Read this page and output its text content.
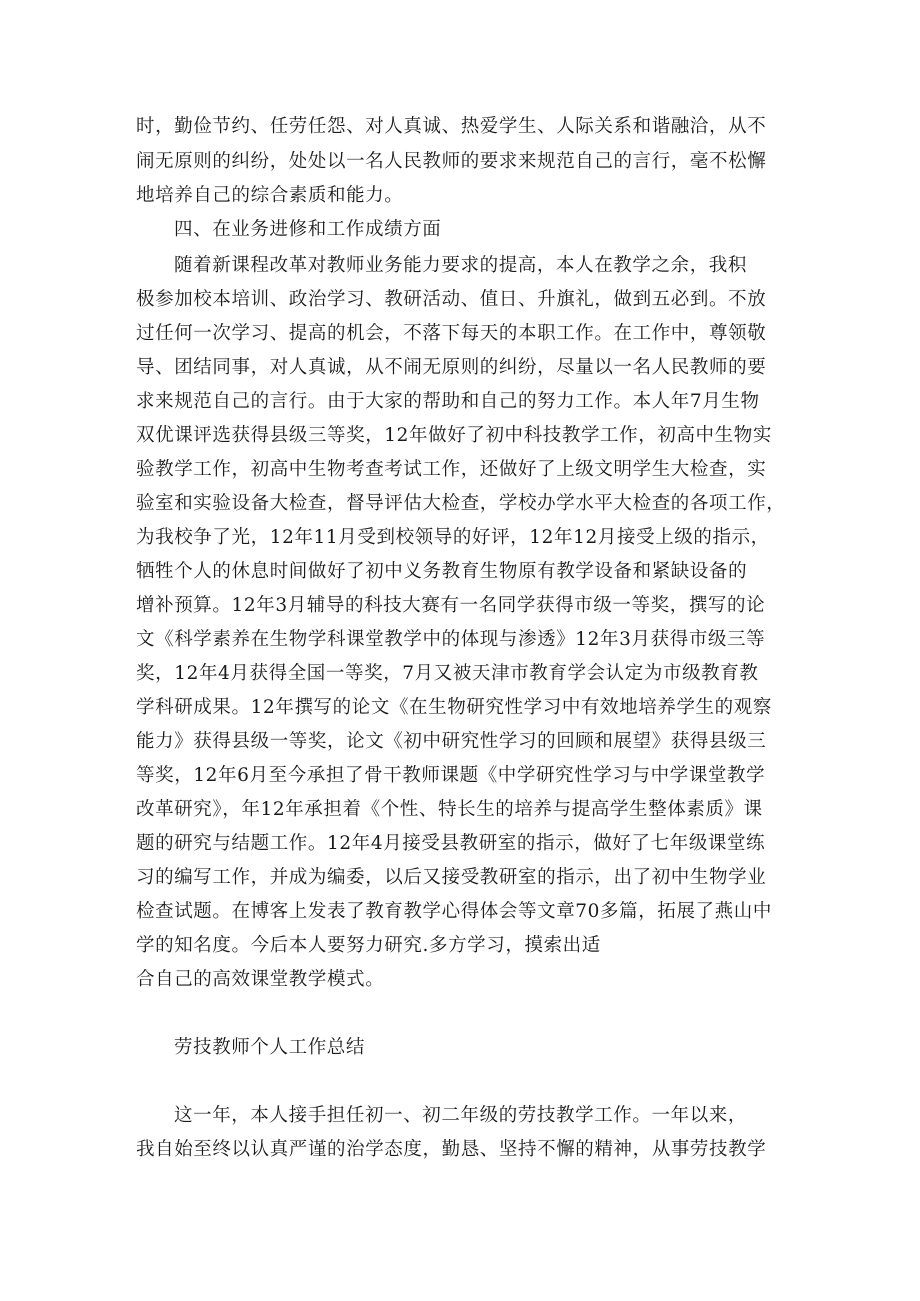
时，勤俭节约、任劳任怨、对人真诚、热爱学生、人际关系和谐融洽，从不
闹无原则的纠纷，处处以一名人民教师的要求来规范自己的言行，毫不松懈
地培养自己的综合素质和能力。
四、在业务进修和工作成绩方面
随着新课程改革对教师业务能力要求的提高，本人在教学之余，我积
极参加校本培训、政治学习、教研活动、值日、升旗礼，做到五必到。不放
过任何一次学习、提高的机会，不落下每天的本职工作。在工作中，尊领敬
导、团结同事，对人真诚，从不闹无原则的纠纷，尽量以一名人民教师的要
求来规范自己的言行。由于大家的帮助和自己的努力工作。本人年7月生物
双优课评选获得县级三等奖，12年做好了初中科技教学工作，初高中生物实
验教学工作，初高中生物考查考试工作，还做好了上级文明学生大检查，实
验室和实验设备大检查，督导评估大检查，学校办学水平大检查的各项工作，
为我校争了光，12年11月受到校领导的好评，12年12月接受上级的指示，
牺牲个人的休息时间做好了初中义务教育生物原有教学设备和紧缺设备的
增补预算。12年3月辅导的科技大赛有一名同学获得市级一等奖，撰写的论
文《科学素养在生物学科课堂教学中的体现与渗透》12年3月获得市级三等
奖，12年4月获得全国一等奖，7月又被天津市教育学会认定为市级教育教
学科研成果。12年撰写的论文《在生物研究性学习中有效地培养学生的观察
能力》获得县级一等奖，论文《初中研究性学习的回顾和展望》获得县级三
等奖，12年6月至今承担了骨干教师课题《中学研究性学习与中学课堂教学
改革研究》，年12年承担着《个性、特长生的培养与提高学生整体素质》课
题的研究与结题工作。12年4月接受县教研室的指示，做好了七年级课堂练
习的编写工作，并成为编委，以后又接受教研室的指示，出了初中生物学业
检查试题。在博客上发表了教育教学心得体会等文章70多篇，拓展了燕山中
学的知名度。今后本人要努力研究.多方学习，摸索出适
合自己的高效课堂教学模式。
劳技教师个人工作总结
这一年，本人接手担任初一、初二年级的劳技教学工作。一年以来，
我自始至终以认真严谨的治学态度，勤恳、坚持不懈的精神，从事劳技教学
